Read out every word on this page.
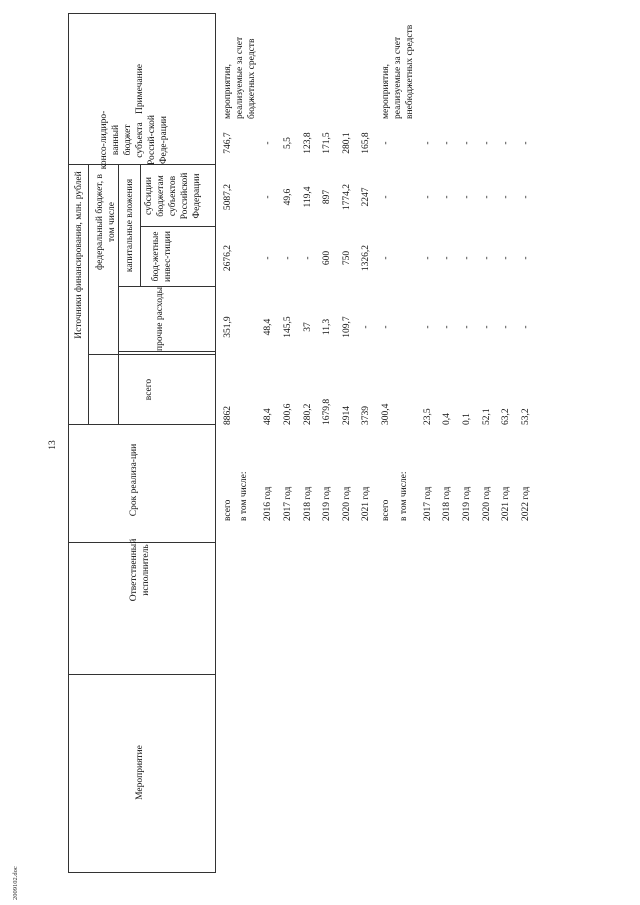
13
Мероприятие
Ответственный исполнитель
Срок реализа-ции
всего
Источники финансирования, млн. рублей федеральный бюджет, в том числе
прочие расходы
капитальные вложения бюд-жетные инвес-тиции
субсидии бюджетам субъектов Российской Федерации
консо-лидиро-ванный бюджет субъекта Россий-ской Феде-рации
Примечание
всего
8862
351,9
2676,2
5087,2
746,7
мероприятия, реализуемые за счет бюджетных средств
в том числе: 2016 год
48,4
48,4
-
-
-
2017 год
200,6
145,5
-
49,6
5,5
2018 год
280,2
37
-
119,4
123,8
2019 год
1679,8
11,3
600
897
171,5
2020 год
2914
109,7
750
1774,2
280,1
2021 год
3739
-
1326,2
2247
165,8
всего
300,4
-
-
-
-
мероприятия, реализуемые за счет внебюджетных средств
в том числе: 2017 год
23,5
-
-
-
-
2018 год
0,4
-
-
-
-
2019 год
0,1
-
-
-
-
2020 год
52,1
-
-
-
-
2021 год
63,2
-
-
-
-
2022 год
53,2
-
-
-
-
2009102.doc
